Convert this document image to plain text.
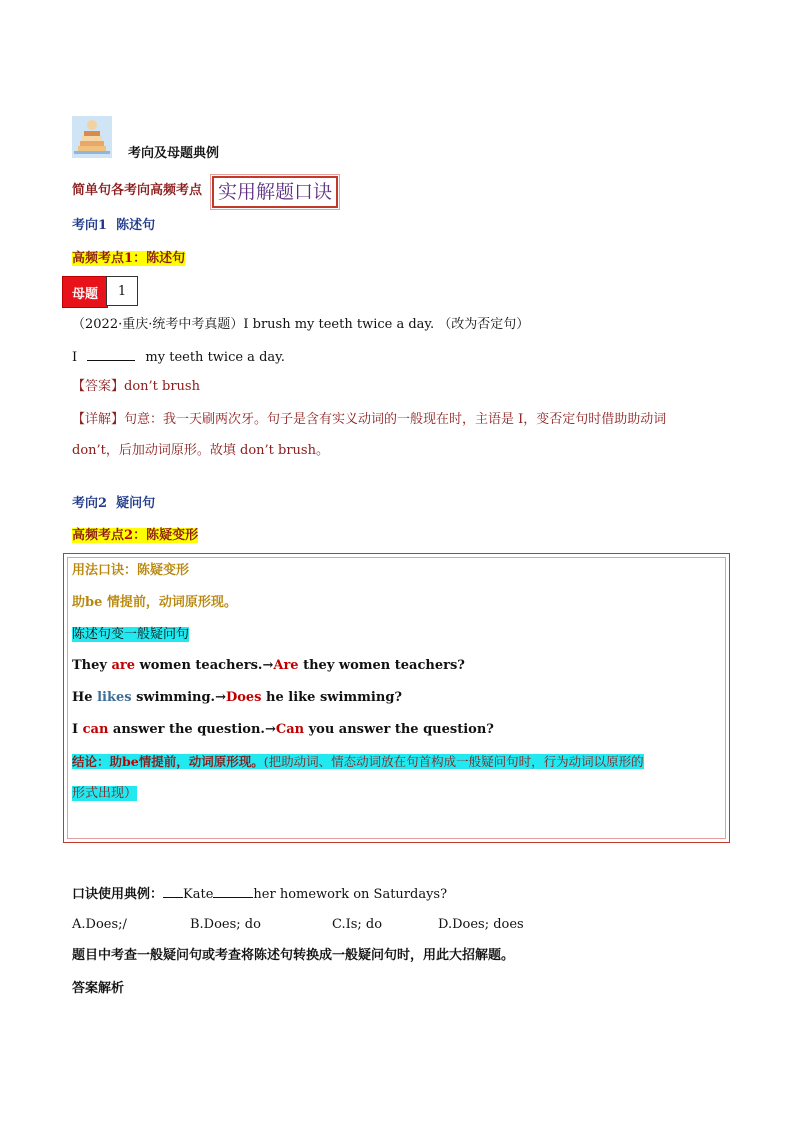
考向及母题典例
简单句各考向高频考点 实用解题口诀
考向1 陈述句
高频考点1：陈述句
母题	1
（2022·重庆·统考中考真题）I brush my teeth twice a day. （改为否定句）
I	my teeth twice a day.
【答案】don’t brush
【详解】句意：我一天刷两次牙。句子是含有实义动词的一般现在时，主语是 I，变否定句时借助助动词
don’t，后加动词原形。故填 don’t brush。
考向2 疑问句
高频考点2：陈疑变形
用法口诀：陈疑变形
助be 情提前，动词原形现。
陈述句变一般疑问句
They are women teachers.→Are they women teachers?
He likes swimming.→Does he like swimming?
I can answer the question.→Can you answer the question?
结论：助be情提前，动词原形现。(把助动词、情态动词放在句首构成一般疑问句时，行为动词以原形的
形式出现）
口诀使用典例： Kate	her homework on Saturdays?
A.Does;/	B.Does; do	C.Is; do	D.Does; does
题目中考查一般疑问句或考查将陈述句转换成一般疑问句时，用此大招解题。
答案解析
